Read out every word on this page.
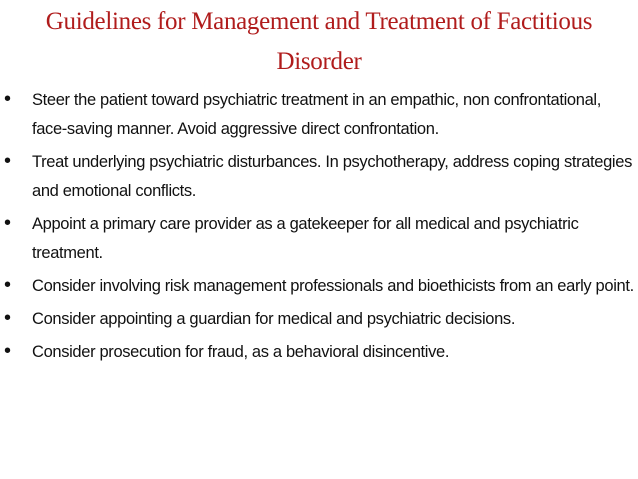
Guidelines for Management and Treatment of Factitious
Disorder
• Steer the patient toward psychiatric treatment in an empathic, non confrontational, face-saving manner. Avoid aggressive direct confrontation.
• Treat underlying psychiatric disturbances. In psychotherapy, address coping strategies and emotional conflicts.
• Appoint a primary care provider as a gatekeeper for all medical and psychiatric treatment.
• Consider involving risk management professionals and bioethicists from an early point.
• Consider appointing a guardian for medical and psychiatric decisions.
• Consider prosecution for fraud, as a behavioral disincentive.
